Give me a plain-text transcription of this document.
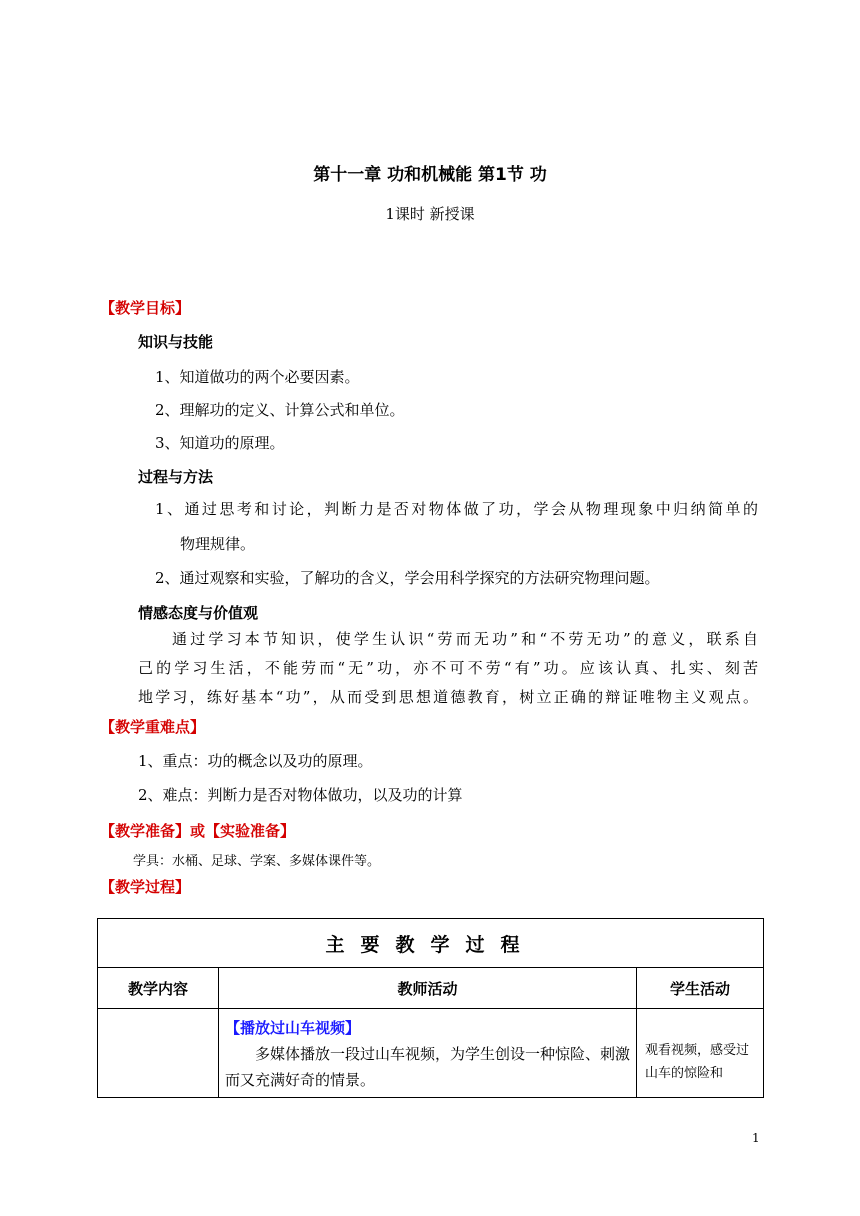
第十一章 功和机械能 第1节 功
1课时 新授课
【教学目标】
知识与技能
1、知道做功的两个必要因素。
2、理解功的定义、计算公式和单位。
3、知道功的原理。
过程与方法
1、通过思考和讨论，判断力是否对物体做了功，学会从物理现象中归纳简单的
物理规律。
2、通过观察和实验，了解功的含义，学会用科学探究的方法研究物理问题。
情感态度与价值观
通过学习本节知识，使学生认识“劳而无功”和“不劳无功”的意义，联系自
己的学习生活，不能劳而“无”功，亦不可不劳“有”功。应该认真、扎实、刻苦
地学习，练好基本“功”，从而受到思想道德教育，树立正确的辩证唯物主义观点。
【教学重难点】
1、重点：功的概念以及功的原理。
2、难点：判断力是否对物体做功，以及功的计算
【教学准备】或【实验准备】
学具：水桶、足球、学案、多媒体课件等。
【教学过程】
主要教学过程		
教学内容	教师活动	学生活动

	【播放过山车视频】
多媒体播放一段过山车视频，为学生创设一种惊险、刺激而又充满好奇的情景。	观看视频，感受过山车的惊险和
1
